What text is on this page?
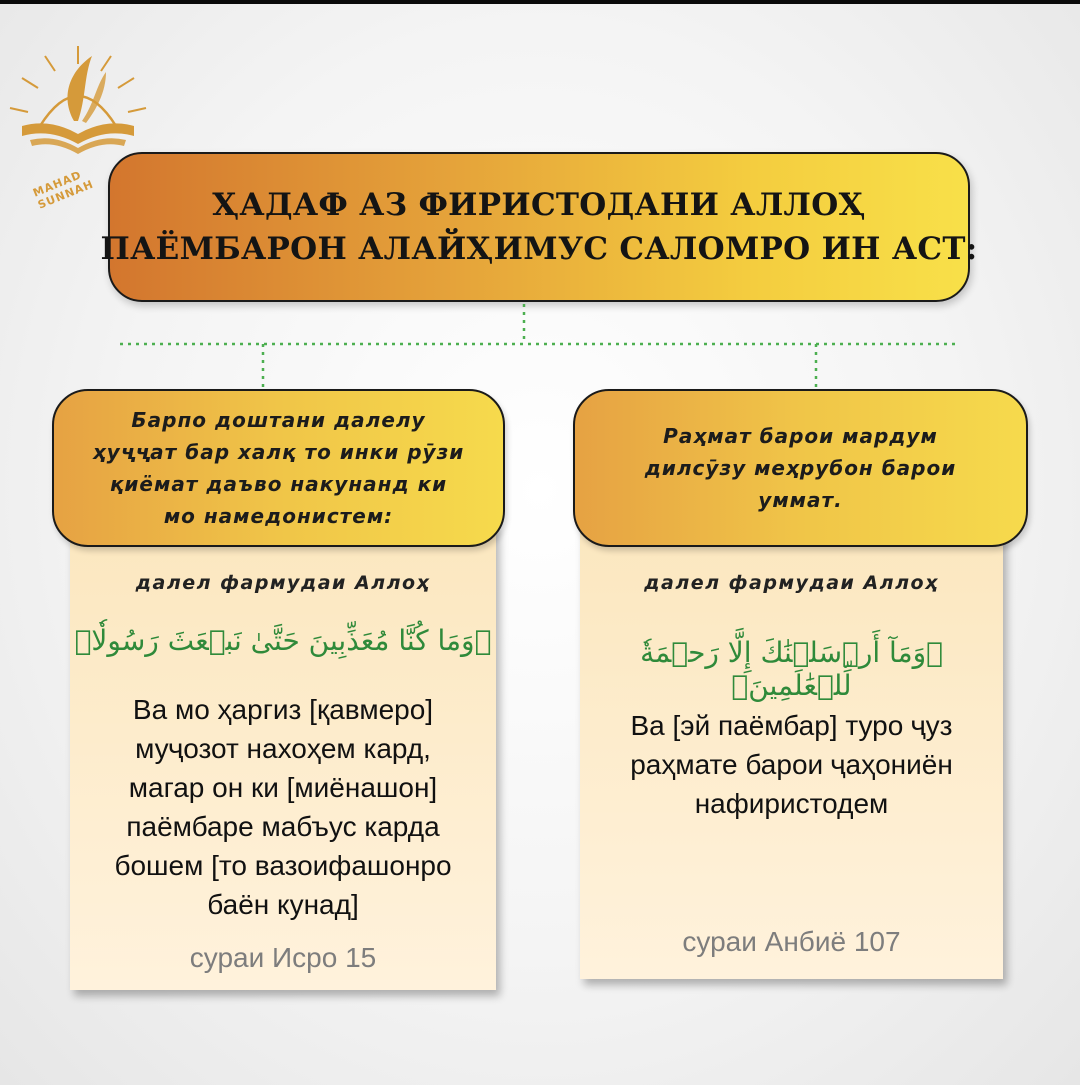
MAHAD SUNNAH	ҲАДАФ АЗ ФИРИСТОДАНИ АЛЛОҲ
ПАЁМБАРОН АЛАЙҲИМУС САЛОМРО ИН АСТ:
далел фармудаи Аллоҳ
﴿وَمَا كُنَّا مُعَذِّبِينَ حَتَّىٰ نَبۡعَثَ رَسُولٗا﴾
Ва мо ҳаргиз [қавмеро]
муҷозот нахоҳем кард,
магар он ки [миёнашон]
паёмбаре мабъус карда
бошем [то вазоифашонро
баён кунад]
сураи Исро 15
Барпо доштани далелу
ҳуҷҷат бар халқ то инки рӯзи
қиёмат даъво накунанд ки
мо намедонистем:
далел фармудаи Аллоҳ
﴿وَمَآ أَرۡسَلۡنَٰكَ إِلَّا رَحۡمَةٗ لِّلۡعَٰلَمِينَ﴾
Ва [эй паёмбар] туро ҷуз
раҳмате барои ҷаҳониён
нафиристодем
сураи Анбиё 107
Раҳмат барои мардум
дилсӯзу меҳрубон барои
уммат.
